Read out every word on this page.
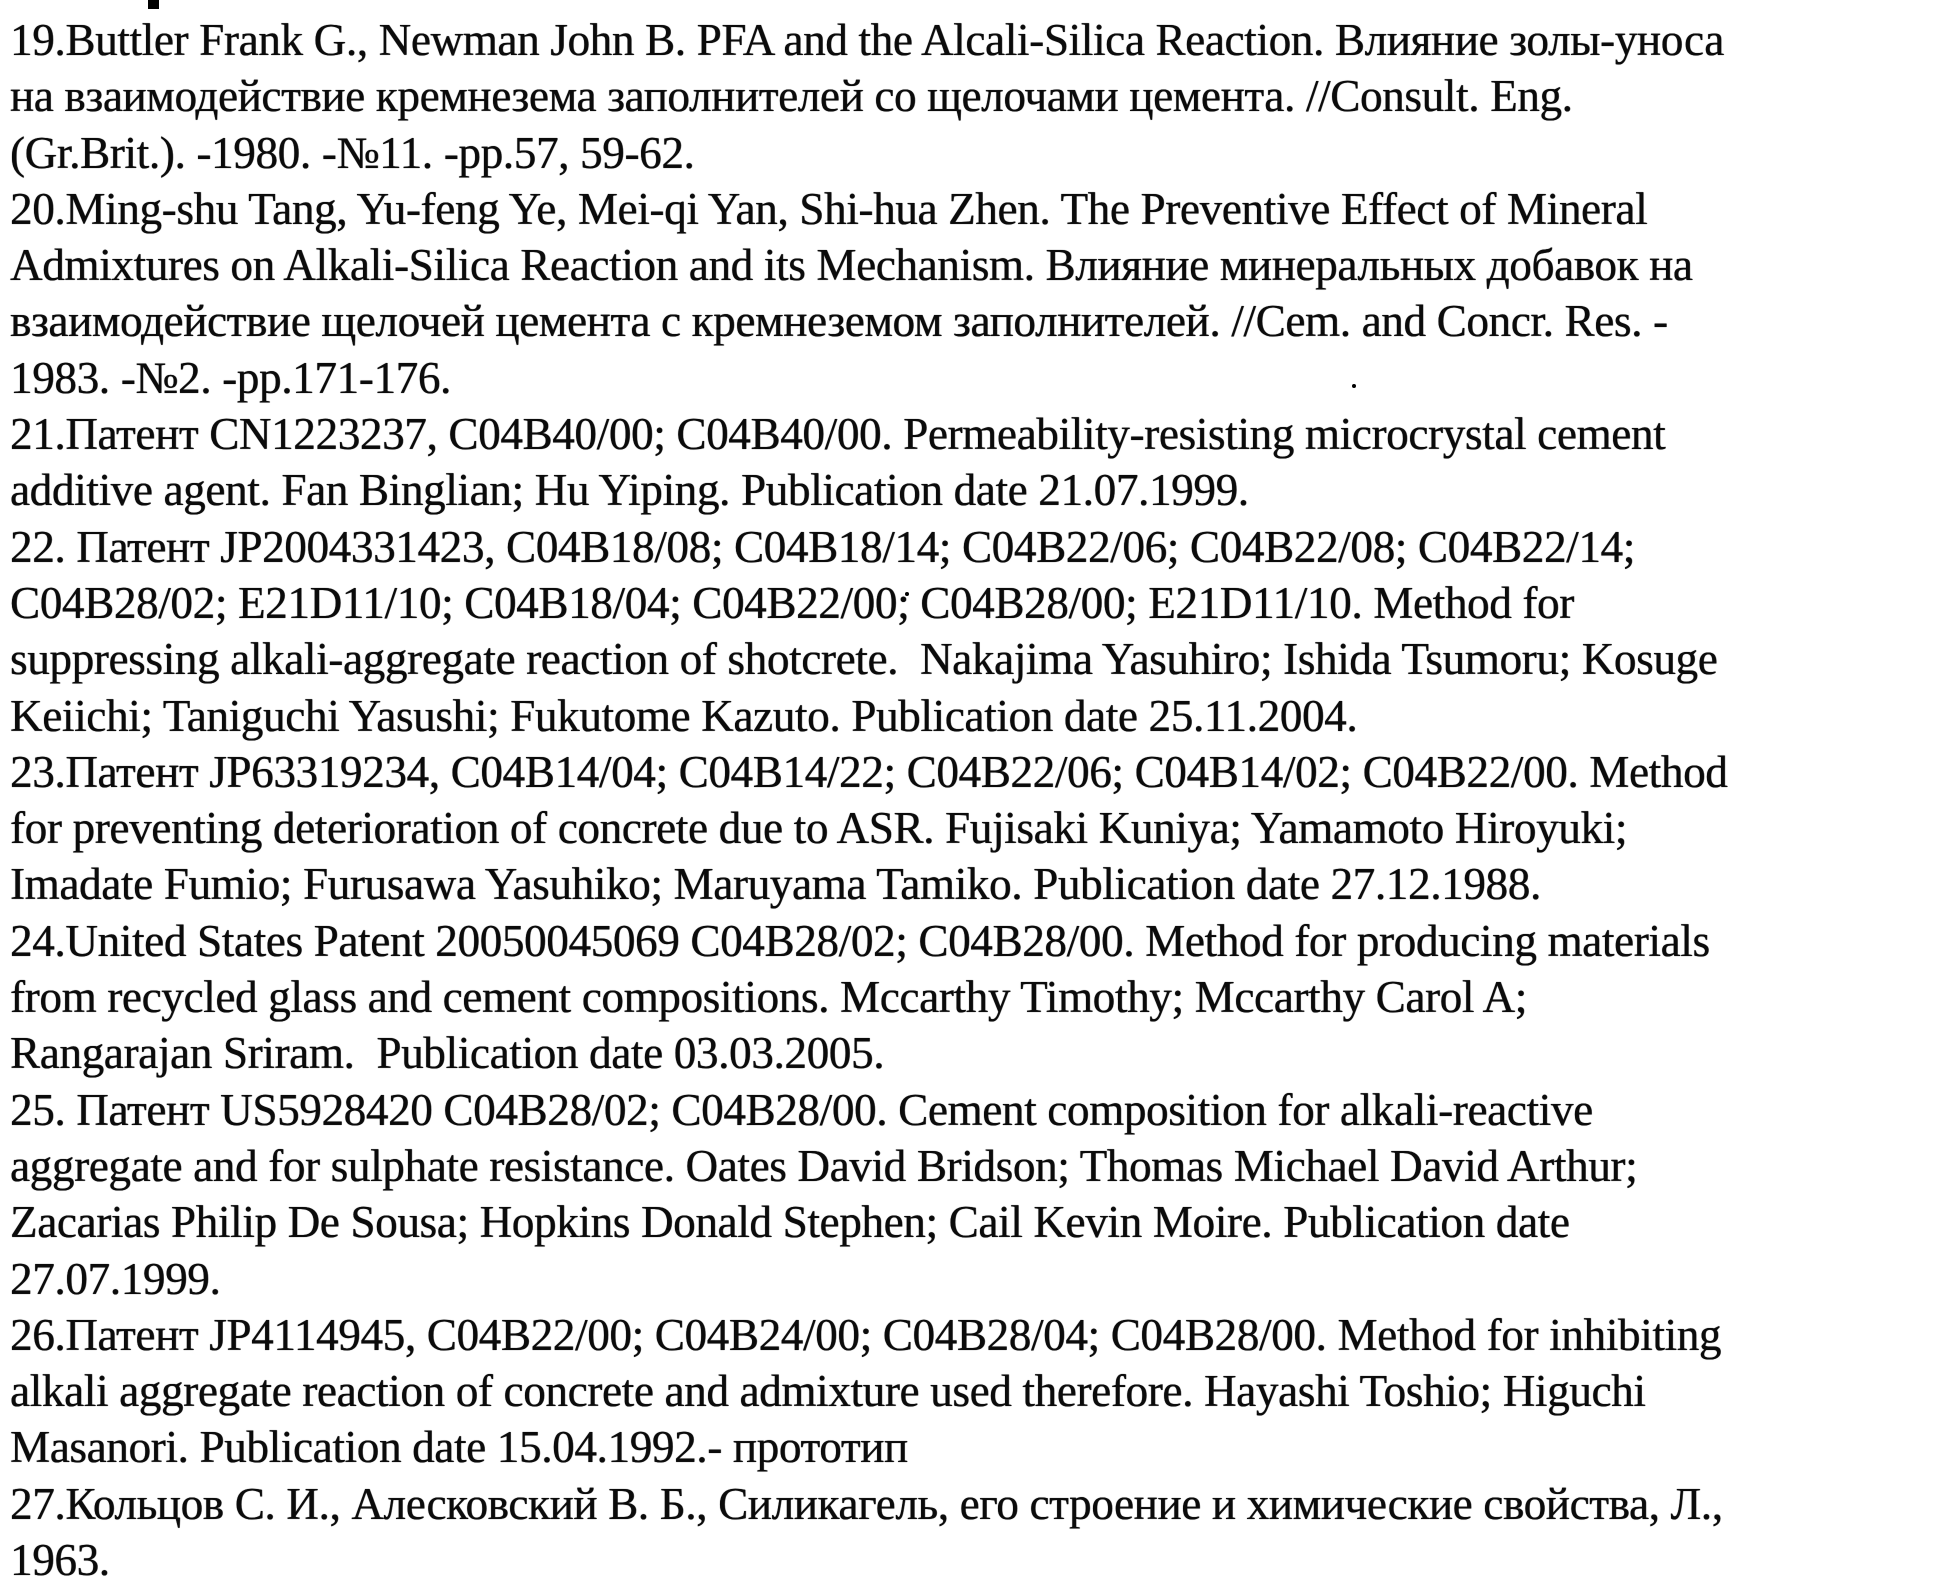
19.Buttler Frank G., Newman John B. PFA and the Alcali-Silica Reaction. Влияние золы-уноса
на взаимодействие кремнезема заполнителей со щелочами цемента. //Consult. Eng.
(Gr.Brit.). -1980. -№11. -pp.57, 59-62.
20.Ming-shu Tang, Yu-feng Ye, Mei-qi Yan, Shi-hua Zhen. The Preventive Effect of Mineral
Admixtures on Alkali-Silica Reaction and its Mechanism. Влияние минеральных добавок на
взаимодействие щелочей цемента с кремнеземом заполнителей. //Cem. and Concr. Res. -
1983. -№2. -pp.171-176.
21.Патент CN1223237, C04B40/00; C04B40/00. Permeability-resisting microcrystal cement
additive agent. Fan Binglian; Hu Yiping. Publication date 21.07.1999.
22. Патент JP2004331423, C04B18/08; C04B18/14; C04B22/06; C04B22/08; C04B22/14;
C04B28/02; E21D11/10; C04B18/04; C04B22/00; C04B28/00; E21D11/10. Method for
suppressing alkali-aggregate reaction of shotcrete.  Nakajima Yasuhiro; Ishida Tsumoru; Kosuge
Keiichi; Taniguchi Yasushi; Fukutome Kazuto. Publication date 25.11.2004.
23.Патент JP63319234, C04B14/04; C04B14/22; C04B22/06; C04B14/02; C04B22/00. Method
for preventing deterioration of concrete due to ASR. Fujisaki Kuniya; Yamamoto Hiroyuki;
Imadate Fumio; Furusawa Yasuhiko; Maruyama Tamiko. Publication date 27.12.1988.
24.United States Patent 20050045069 C04B28/02; C04B28/00. Method for producing materials
from recycled glass and cement compositions. Mccarthy Timothy; Mccarthy Carol A;
Rangarajan Sriram.  Publication date 03.03.2005.
25. Патент US5928420 C04B28/02; C04B28/00. Cement composition for alkali-reactive
aggregate and for sulphate resistance. Oates David Bridson; Thomas Michael David Arthur;
Zacarias Philip De Sousa; Hopkins Donald Stephen; Cail Kevin Moire. Publication date
27.07.1999.
26.Патент JP4114945, C04B22/00; C04B24/00; C04B28/04; C04B28/00. Method for inhibiting
alkali aggregate reaction of concrete and admixture used therefore. Hayashi Toshio; Higuchi
Masanori. Publication date 15.04.1992.- прототип
27.Кольцов С. И., Алесковский В. Б., Силикагель, его строение и химические свойства, Л.,
1963.
